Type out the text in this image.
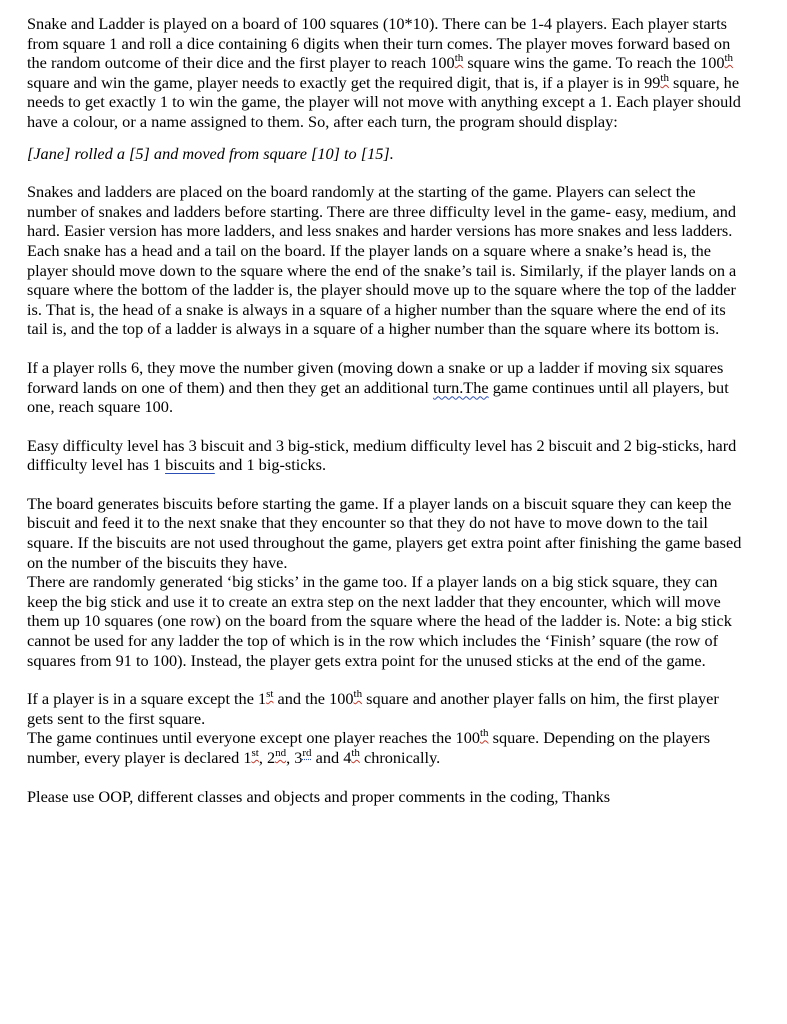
Snake and Ladder is played on a board of 100 squares (10*10). There can be 1-4 players. Each player starts from square 1 and roll a dice containing 6 digits when their turn comes. The player moves forward based on the random outcome of their dice and the first player to reach 100th square wins the game. To reach the 100th square and win the game, player needs to exactly get the required digit, that is, if a player is in 99th square, he needs to get exactly 1 to win the game, the player will not move with anything except a 1. Each player should have a colour, or a name assigned to them. So, after each turn, the program should display:

[Jane] rolled a [5] and moved from square [10] to [15].

Snakes and ladders are placed on the board randomly at the starting of the game. Players can select the number of snakes and ladders before starting. There are three difficulty level in the game- easy, medium, and hard. Easier version has more ladders, and less snakes and harder versions has more snakes and less ladders. Each snake has a head and a tail on the board. If the player lands on a square where a snake’s head is, the player should move down to the square where the end of the snake’s tail is. Similarly, if the player lands on a square where the bottom of the ladder is, the player should move up to the square where the top of the ladder is. That is, the head of a snake is always in a square of a higher number than the square where the end of its tail is, and the top of a ladder is always in a square of a higher number than the square where its bottom is.

If a player rolls 6, they move the number given (moving down a snake or up a ladder if moving six squares forward lands on one of them) and then they get an additional turn.The game continues until all players, but one, reach square 100.

Easy difficulty level has 3 biscuit and 3 big-stick, medium difficulty level has 2 biscuit and 2 big-sticks, hard difficulty level has 1 biscuits and 1 big-sticks.

The board generates biscuits before starting the game. If a player lands on a biscuit square they can keep the biscuit and feed it to the next snake that they encounter so that they do not have to move down to the tail square. If the biscuits are not used throughout the game, players get extra point after finishing the game based on the number of the biscuits they have.

There are randomly generated ‘big sticks’ in the game too. If a player lands on a big stick square, they can keep the big stick and use it to create an extra step on the next ladder that they encounter, which will move them up 10 squares (one row) on the board from the square where the head of the ladder is. Note: a big stick cannot be used for any ladder the top of which is in the row which includes the ‘Finish’ square (the row of squares from 91 to 100). Instead, the player gets extra point for the unused sticks at the end of the game.

If a player is in a square except the 1st and the 100th square and another player falls on him, the first player gets sent to the first square.

The game continues until everyone except one player reaches the 100th square. Depending on the players number, every player is declared 1st, 2nd, 3rd and 4th chronically.

Please use OOP, different classes and objects and proper comments in the coding, Thanks
